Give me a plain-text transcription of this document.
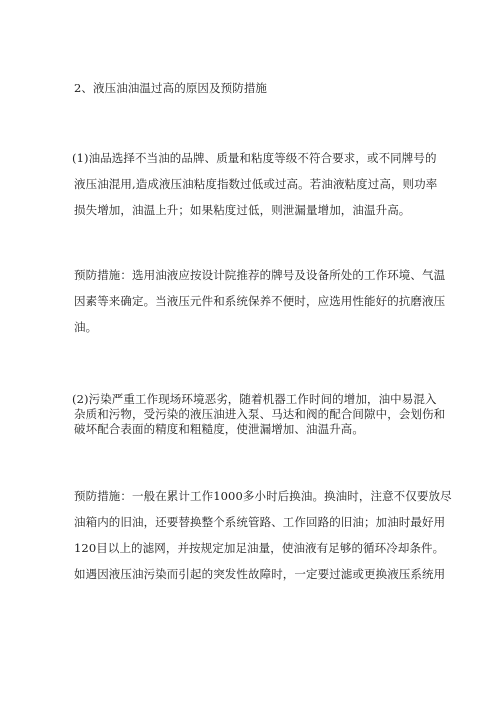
2、液压油油温过高的原因及预防措施
(1)油品选择不当油的品牌、质量和粘度等级不符合要求，或不同牌号的
液压油混用,造成液压油粘度指数过低或过高。若油液粘度过高，则功率
损失增加，油温上升；如果粘度过低，则泄漏量增加，油温升高。
预防措施：选用油液应按设计院推荐的牌号及设备所处的工作环境、气温
因素等来确定。当液压元件和系统保养不便时，应选用性能好的抗磨液压
油。
(2)污染严重工作现场环境恶劣，随着机器工作时间的增加，油中易混入
杂质和污物，受污染的液压油进入泵、马达和阀的配合间隙中，会划伤和
破坏配合表面的精度和粗糙度，使泄漏增加、油温升高。
预防措施：一般在累计工作1000多小时后换油。换油时，注意不仅要放尽
油箱内的旧油，还要替换整个系统管路、工作回路的旧油；加油时最好用
120目以上的滤网，并按规定加足油量，使油液有足够的循环冷却条件。
如遇因液压油污染而引起的突发性故障时，一定要过滤或更换液压系统用
